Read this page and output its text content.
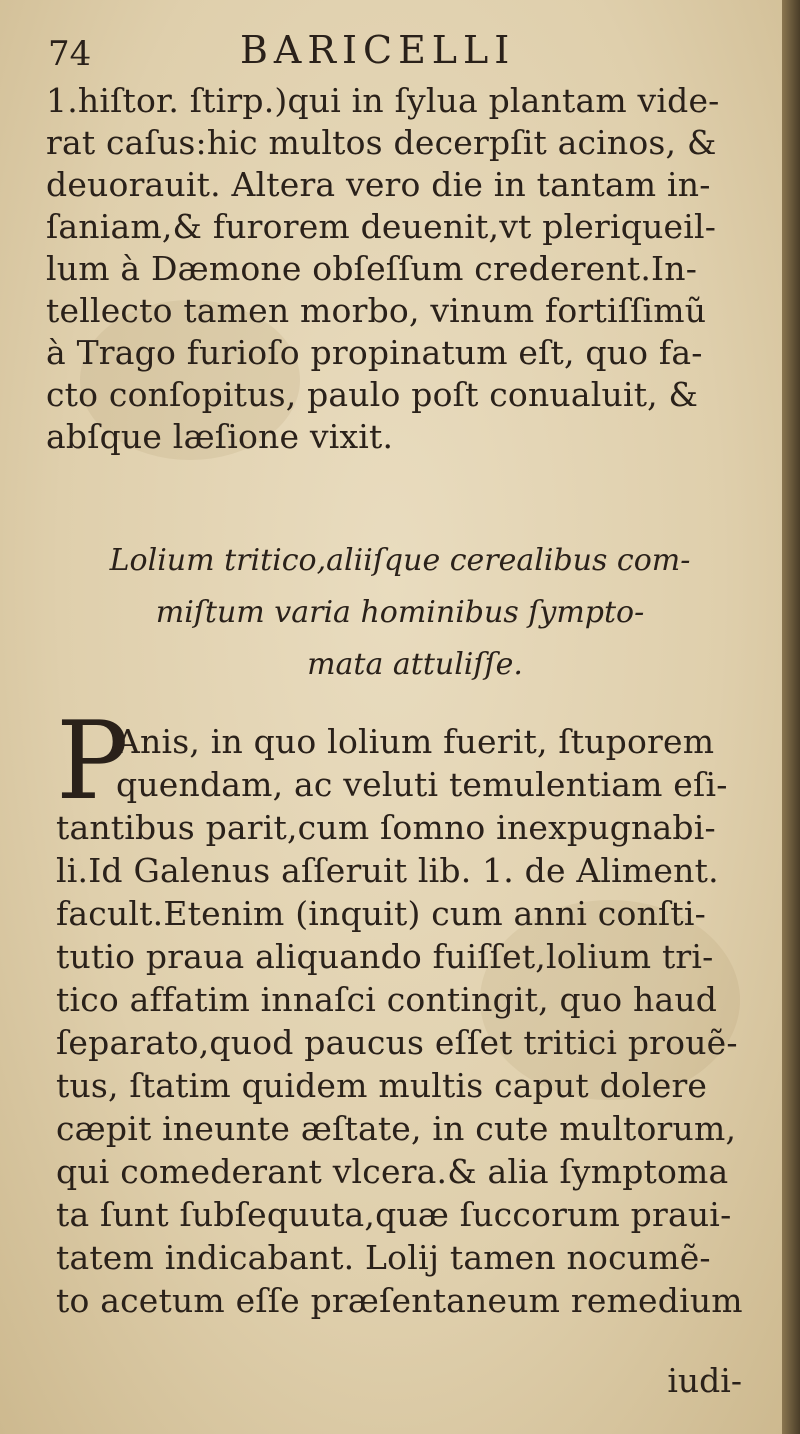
74	BARICELLI
1.hiſtor. ſtirp.)qui in ſylua plantam vide-
rat caſus:hic multos decerpſit acinos, &
deuorauit. Altera vero die in tantam in-
ſaniam,& furorem deuenit,vt pleriqueil-
lum à Dæmone obſeſſum crederent.In-
tellecto tamen morbo, vinum fortiſſimũ
à Trago furioſo propinatum eſt, quo fa-
cto conſopitus, paulo poſt conualuit, &
abſque læſione vixit.
Lolium tritico,aliiſque cerealibus com-
miſtum varia hominibus ſympto-
mata attuliſſe.
P
Anis, in quo lolium fuerit, ſtuporem
quendam, ac veluti temulentiam eſi-
tantibus parit,cum ſomno inexpugnabi-
li.Id Galenus aſſeruit lib. 1. de Aliment.
facult.Etenim (inquit) cum anni conſti-
tutio praua aliquando fuiſſet,lolium tri-
tico affatim innaſci contingit, quo haud
ſeparato,quod paucus eſſet tritici prouẽ-
tus, ſtatim quidem multis caput dolere
cæpit ineunte æſtate, in cute multorum,
qui comederant vlcera.& alia ſymptoma
ta ſunt ſubſequuta,quæ ſuccorum praui-
tatem indicabant. Lolij tamen nocumẽ-
to acetum eſſe præſentaneum remedium
iudi-
